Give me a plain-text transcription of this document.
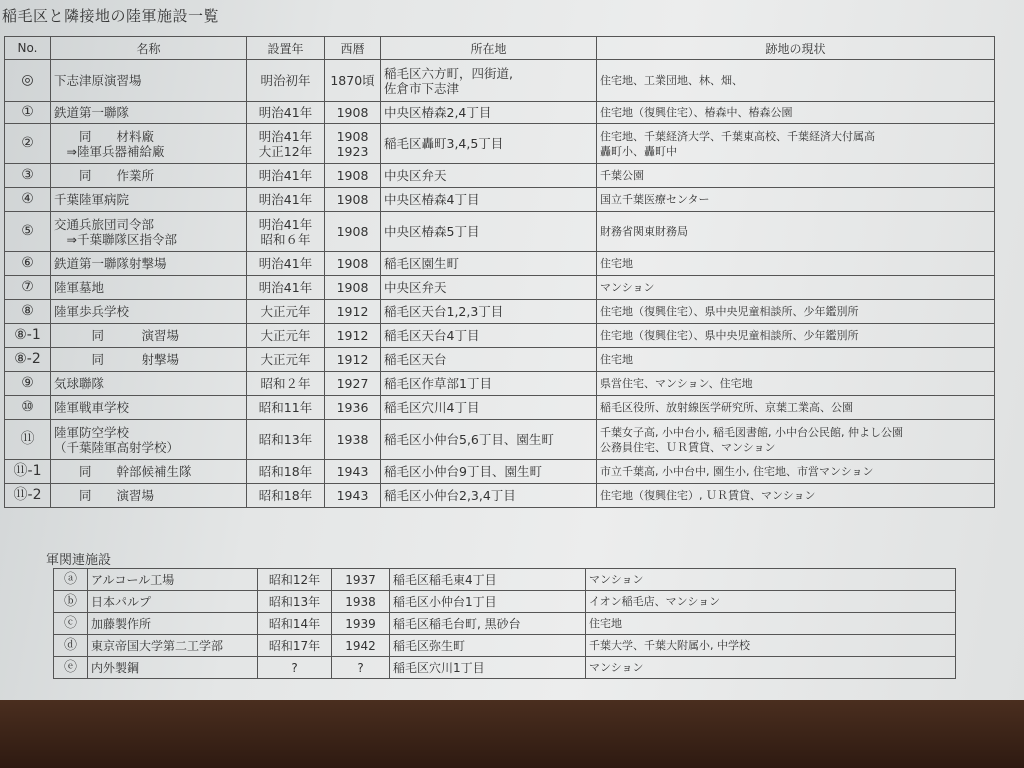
稲毛区と隣接地の陸軍施設一覧
No.	名称	設置年	西暦	所在地	跡地の現状
◎	下志津原演習場	明治初年	1870頃	稲毛区六方町，四街道,
佐倉市下志津	住宅地、工業団地、林、畑、

①	鉄道第一聯隊	明治41年	1908	中央区椿森2,4丁目	住宅地（復興住宅）、椿森中、椿森公園

②	　　同　　材料廠
　⇒陸軍兵器補給廠	明治41年
大正12年	1908
1923	稲毛区轟町3,4,5丁目	住宅地、千葉経済大学、千葉東高校、千葉経済大付属高
轟町小、轟町中

③	　　同　　作業所	明治41年	1908	中央区弁天	千葉公園

④	千葉陸軍病院	明治41年	1908	中央区椿森4丁目	国立千葉医療センター

⑤	交通兵旅団司令部
　⇒千葉聯隊区指令部	明治41年
昭和６年	1908	中央区椿森5丁目	財務省関東財務局

⑥	鉄道第一聯隊射撃場	明治41年	1908	稲毛区園生町	住宅地

⑦	陸軍墓地	明治41年	1908	中央区弁天	マンション

⑧	陸軍歩兵学校	大正元年	1912	稲毛区天台1,2,3丁目	住宅地（復興住宅）、県中央児童相談所、少年鑑別所

⑧-1	　　　同　　　演習場	大正元年	1912	稲毛区天台4丁目	住宅地（復興住宅）、県中央児童相談所、少年鑑別所

⑧-2	　　　同　　　射撃場	大正元年	1912	稲毛区天台	住宅地

⑨	気球聯隊	昭和２年	1927	稲毛区作草部1丁目	県営住宅、マンション、住宅地

⑩	陸軍戦車学校	昭和11年	1936	稲毛区穴川4丁目	稲毛区役所、放射線医学研究所、京葉工業高、公園

⑪	陸軍防空学校
（千葉陸軍高射学校）	昭和13年	1938	稲毛区小仲台5,6丁目、園生町	千葉女子高, 小中台小, 稲毛図書館, 小中台公民館, 仲よし公園
公務員住宅、ＵＲ賃貸、マンション

⑪-1	　　同　　幹部候補生隊	昭和18年	1943	稲毛区小仲台9丁目、園生町	市立千葉高, 小中台中, 園生小, 住宅地、市営マンション

⑪-2	　　同　　演習場	昭和18年	1943	稲毛区小仲台2,3,4丁目	住宅地（復興住宅）, ＵＲ賃貸、マンション
軍関連施設
ⓐ	アルコール工場	昭和12年	1937	稲毛区稲毛東4丁目	マンション
ⓑ	日本パルプ	昭和13年	1938	稲毛区小仲台1丁目	イオン稲毛店、マンション
ⓒ	加藤製作所	昭和14年	1939	稲毛区稲毛台町, 黒砂台	住宅地
ⓓ	東京帝国大学第二工学部	昭和17年	1942	稲毛区弥生町	千葉大学、千葉大附属小, 中学校
ⓔ	内外製鋼	?	?	稲毛区穴川1丁目	マンション
